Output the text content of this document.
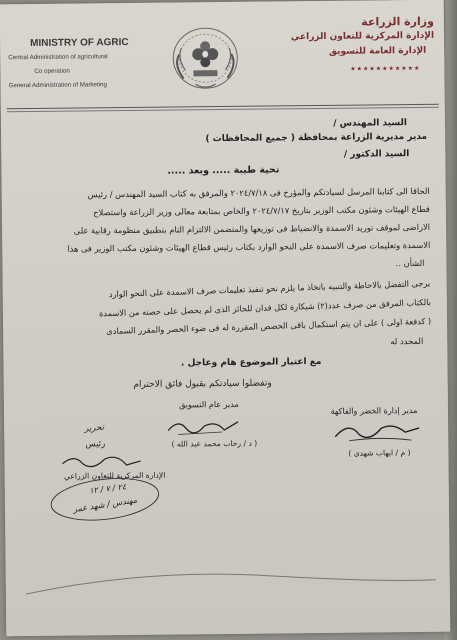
MINISTRY OF AGRIC
Central Administration of agricultural
Co operation
General Administration of Marketing
وزارة الزراعة
الإدارة المركزية للتعاون الزراعي
الإدارة العامة للتسويق
★★★★★★★★★★★
السيد المهندس /
مدير مديرية الزراعة بمحافظة ( جميع المحافظات )
السيد الدكتور /
تحية طيبة ..... وبعد .....
الحاقا الى كتابنا المرسل لسيادتكم والمؤرخ فى ٢٠٢٤/٧/١٨ والمرفق به كتاب السيد المهندس / رئيس
قطاع الهيئات وشئون مكتب الوزير بتاريخ ٢٠٢٤/٧/١٧ والخاص بمتابعة معالى وزير الزراعة واستصلاح
الاراضى لموقف توريد الاسمدة والانضباط فى توزيعها والمتضمن الالتزام التام بتطبيق منظومة رقابية على
الاسمدة وتعليمات صرف الاسمدة على النحو الوارد بكتاب رئيس قطاع الهيئات وشئون مكتب الوزير فى هذا
الشأن ..
يرجى التفضل بالاحاطة والتنبيه باتخاذ ما يلزم نحو تنفيذ تعليمات صرف الاسمدة على النحو الوارد
بالكتاب المرفق من صرف عدد(٢) شيكارة لكل فدان للحائز الذى لم يحصل على حصته من الاسمدة
( كدفعة اولى ) على ان يتم استكمال باقى الحصص المقررة له فى ضوء الحصر والمقرر السمادى
المحدد له
مع اعتبار الموضوع هام وعاجل .
وتفضلوا سيادتكم بقبول فائق الاحترام
مدير عام التسويق
( د / رحاب محمد عبد الله )
مدير إدارة الخضر والفاكهة
( م / ايهاب شهدى )
تحرير
رئيس
الإدارة المركزية للتعاون الزراعي
٢٤ / ٧ / ١٢
مهندس / شهد عمر
